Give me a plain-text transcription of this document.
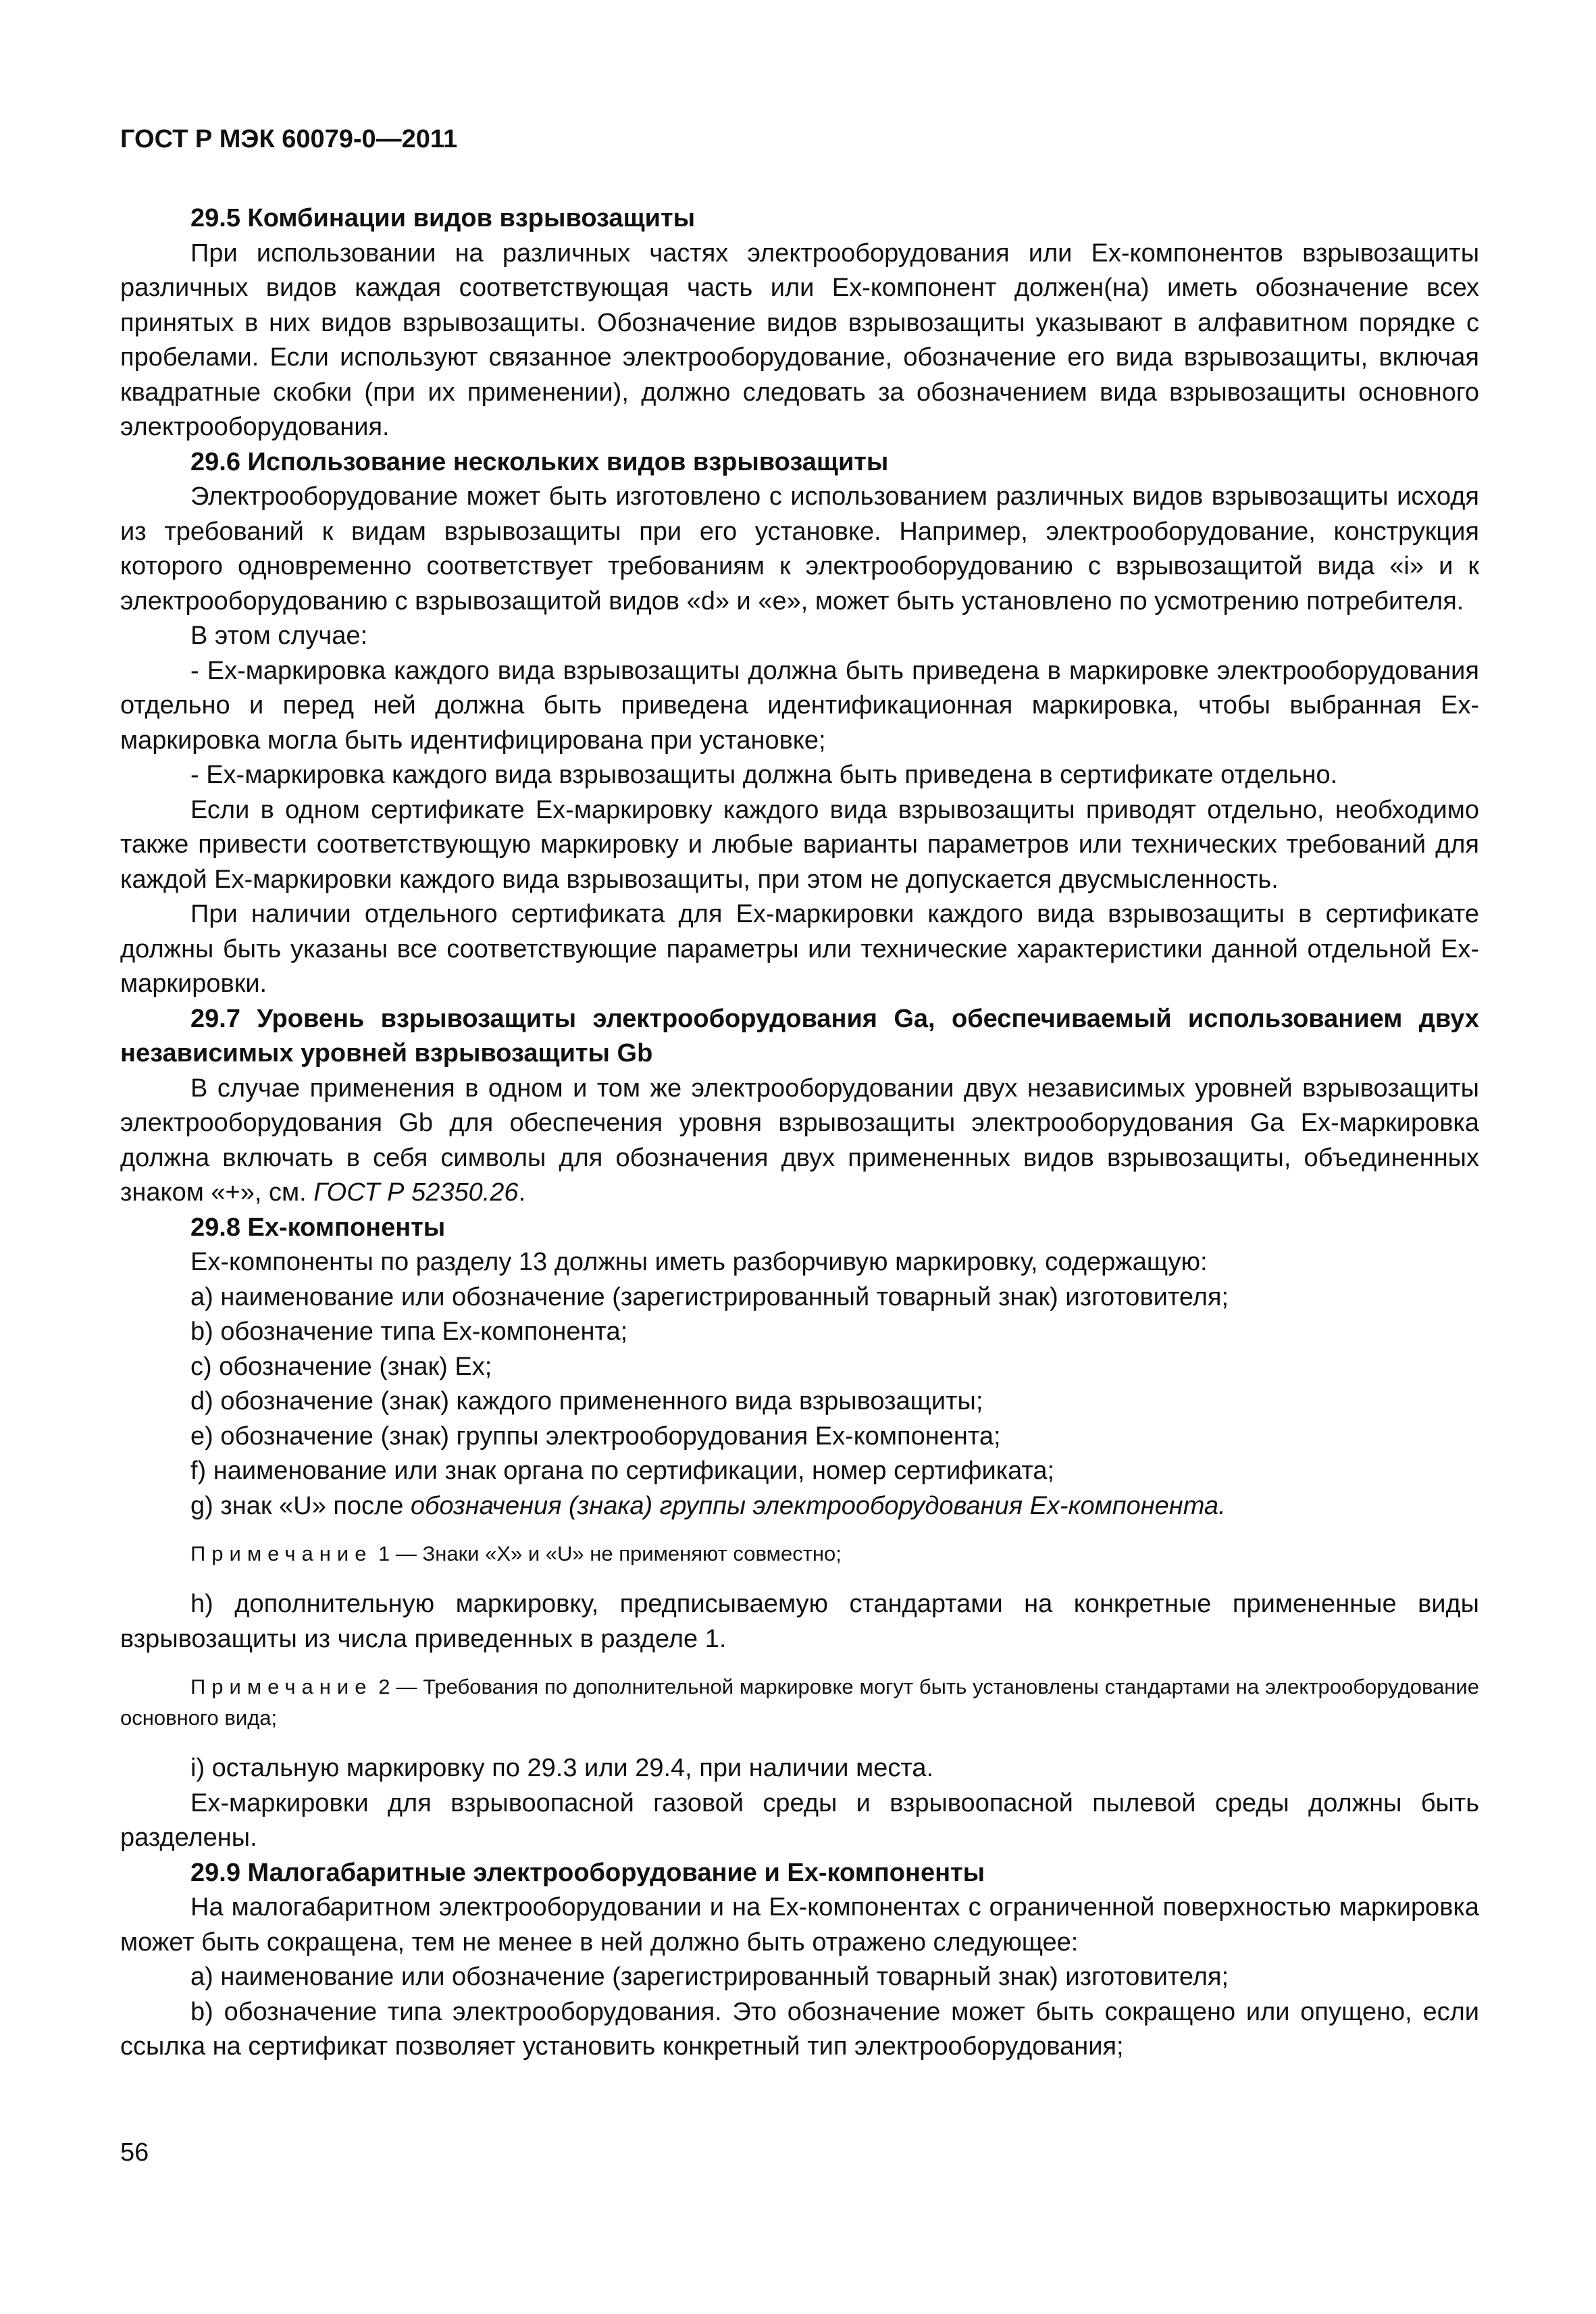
ГОСТ Р МЭК 60079-0—2011

29.5 Комбинации видов взрывозащиты

При использовании на различных частях электрооборудования или Ex-компонентов взрывозащиты различных видов каждая соответствующая часть или Ex-компонент должен(на) иметь обозначение всех принятых в них видов взрывозащиты. Обозначение видов взрывозащиты указывают в алфавитном порядке с пробелами. Если используют связанное электрооборудование, обозначение его вида взрывозащиты, включая квадратные скобки (при их применении), должно следовать за обозначением вида взрывозащиты основного электрооборудования.

29.6 Использование нескольких видов взрывозащиты

Электрооборудование может быть изготовлено с использованием различных видов взрывозащиты исходя из требований к видам взрывозащиты при его установке. Например, электрооборудование, конструкция которого одновременно соответствует требованиям к электрооборудованию с взрывозащитой вида «i» и к электрооборудованию с взрывозащитой видов «d» и «е», может быть установлено по усмотрению потребителя.

В этом случае:

- Ex-маркировка каждого вида взрывозащиты должна быть приведена в маркировке электрооборудования отдельно и перед ней должна быть приведена идентификационная маркировка, чтобы выбранная Ex-маркировка могла быть идентифицирована при установке;

- Ex-маркировка каждого вида взрывозащиты должна быть приведена в сертификате отдельно.

Если в одном сертификате Ex-маркировку каждого вида взрывозащиты приводят отдельно, необходимо также привести соответствующую маркировку и любые варианты параметров или технических требований для каждой Ex-маркировки каждого вида взрывозащиты, при этом не допускается двусмысленность.

При наличии отдельного сертификата для Ex-маркировки каждого вида взрывозащиты в сертификате должны быть указаны все соответствующие параметры или технические характеристики данной отдельной Ex-маркировки.

29.7 Уровень взрывозащиты электрооборудования Ga, обеспечиваемый использованием двух независимых уровней взрывозащиты Gb

В случае применения в одном и том же электрооборудовании двух независимых уровней взрывозащиты электрооборудования Gb для обеспечения уровня взрывозащиты электрооборудования Ga Ex-маркировка должна включать в себя символы для обозначения двух примененных видов взрывозащиты, объединенных знаком «+», см. ГОСТ Р 52350.26.

29.8 Ex-компоненты

Ex-компоненты по разделу 13 должны иметь разборчивую маркировку, содержащую:

a) наименование или обозначение (зарегистрированный товарный знак) изготовителя;

b) обозначение типа Ex-компонента;

c) обозначение (знак) Ex;

d) обозначение (знак) каждого примененного вида взрывозащиты;

e) обозначение (знак) группы электрооборудования Ex-компонента;

f) наименование или знак органа по сертификации, номер сертификата;

g) знак «U» после обозначения (знака) группы электрооборудования Ex-компонента.

Примечание 1 — Знаки «X» и «U» не применяют совместно;

h) дополнительную маркировку, предписываемую стандартами на конкретные примененные виды взрывозащиты из числа приведенных в разделе 1.

Примечание 2 — Требования по дополнительной маркировке могут быть установлены стандартами на электрооборудование основного вида;

i) остальную маркировку по 29.3 или 29.4, при наличии места.

Ex-маркировки для взрывоопасной газовой среды и взрывоопасной пылевой среды должны быть разделены.

29.9 Малогабаритные электрооборудование и Ex-компоненты

На малогабаритном электрооборудовании и на Ex-компонентах с ограниченной поверхностью маркировка может быть сокращена, тем не менее в ней должно быть отражено следующее:

a) наименование или обозначение (зарегистрированный товарный знак) изготовителя;

b) обозначение типа электрооборудования. Это обозначение может быть сокращено или опущено, если ссылка на сертификат позволяет установить конкретный тип электрооборудования;

56
